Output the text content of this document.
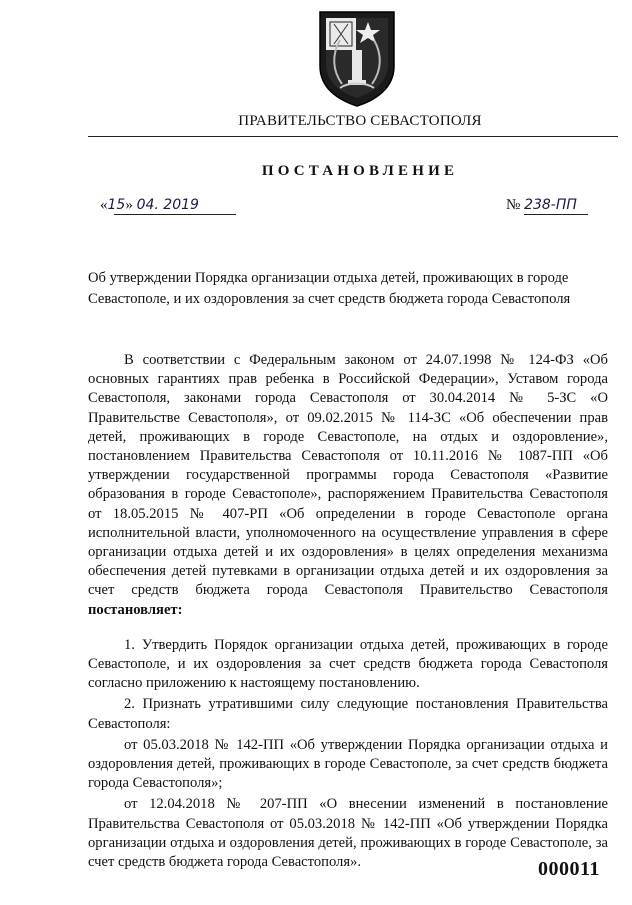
ПРАВИТЕЛЬСТВО СЕВАСТОПОЛЯ
ПОСТАНОВЛЕНИЕ
«15» 04. 2019	№ 238-ПП
Об утверждении Порядка организации отдыха детей, проживающих в городе Севастополе, и их оздоровления за счет средств бюджета города Севастополя

В соответствии с Федеральным законом от 24.07.1998 № 124-ФЗ «Об основных гарантиях прав ребенка в Российской Федерации», Уставом города Севастополя, законами города Севастополя от 30.04.2014 № 5-ЗС «О Правительстве Севастополя», от 09.02.2015 № 114-ЗС «Об обеспечении прав детей, проживающих в городе Севастополе, на отдых и оздоровление», постановлением Правительства Севастополя от 10.11.2016 № 1087-ПП «Об утверждении государственной программы города Севастополя «Развитие образования в городе Севастополе», распоряжением Правительства Севастополя от 18.05.2015 № 407-РП «Об определении в городе Севастополе органа исполнительной власти, уполномоченного на осуществление управления в сфере организации отдыха детей и их оздоровления» в целях определения механизма обеспечения детей путевками в организации отдыха детей и их оздоровления за счет средств бюджета города Севастополя Правительство Севастополя постановляет:

1. Утвердить Порядок организации отдыха детей, проживающих в городе Севастополе, и их оздоровления за счет средств бюджета города Севастополя согласно приложению к настоящему постановлению.

2. Признать утратившими силу следующие постановления Правительства Севастополя:

от 05.03.2018 № 142-ПП «Об утверждении Порядка организации отдыха и оздоровления детей, проживающих в городе Севастополе, за счет средств бюджета города Севастополя»;

от 12.04.2018 № 207-ПП «О внесении изменений в постановление Правительства Севастополя от 05.03.2018 № 142-ПП «Об утверждении Порядка организации отдыха и оздоровления детей, проживающих в городе Севастополе, за счет средств бюджета города Севастополя».	000011
